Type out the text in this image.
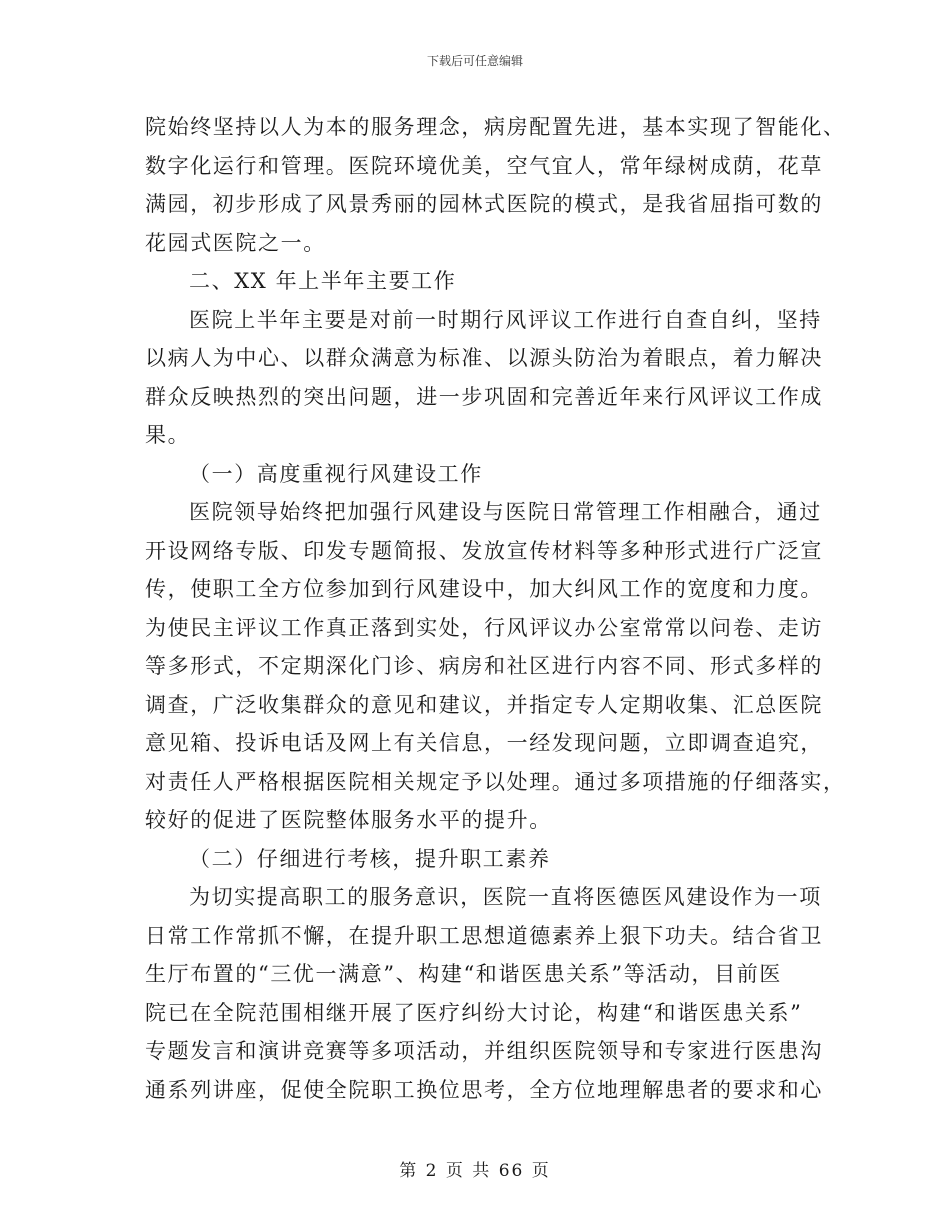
下载后可任意编辑
院始终坚持以人为本的服务理念，病房配置先进，基本实现了智能化、
数字化运行和管理。医院环境优美，空气宜人，常年绿树成荫，花草
满园，初步形成了风景秀丽的园林式医院的模式，是我省屈指可数的
花园式医院之一。
二、XX 年上半年主要工作
医院上半年主要是对前一时期行风评议工作进行自查自纠，坚持
以病人为中心、以群众满意为标准、以源头防治为着眼点，着力解决
群众反映热烈的突出问题，进一步巩固和完善近年来行风评议工作成
果。
（一）高度重视行风建设工作
医院领导始终把加强行风建设与医院日常管理工作相融合，通过
开设网络专版、印发专题简报、发放宣传材料等多种形式进行广泛宣
传，使职工全方位参加到行风建设中，加大纠风工作的宽度和力度。
为使民主评议工作真正落到实处，行风评议办公室常常以问卷、走访
等多形式，不定期深化门诊、病房和社区进行内容不同、形式多样的
调查，广泛收集群众的意见和建议，并指定专人定期收集、汇总医院
意见箱、投诉电话及网上有关信息，一经发现问题，立即调查追究，
对责任人严格根据医院相关规定予以处理。通过多项措施的仔细落实，
较好的促进了医院整体服务水平的提升。
（二）仔细进行考核，提升职工素养
为切实提高职工的服务意识，医院一直将医德医风建设作为一项
日常工作常抓不懈，在提升职工思想道德素养上狠下功夫。结合省卫
生厅布置的“三优一满意”、构建“和谐医患关系”等活动，目前医
院已在全院范围相继开展了医疗纠纷大讨论，构建“和谐医患关系”
专题发言和演讲竞赛等多项活动，并组织医院领导和专家进行医患沟
通系列讲座，促使全院职工换位思考，全方位地理解患者的要求和心
第 2 页 共 66 页
